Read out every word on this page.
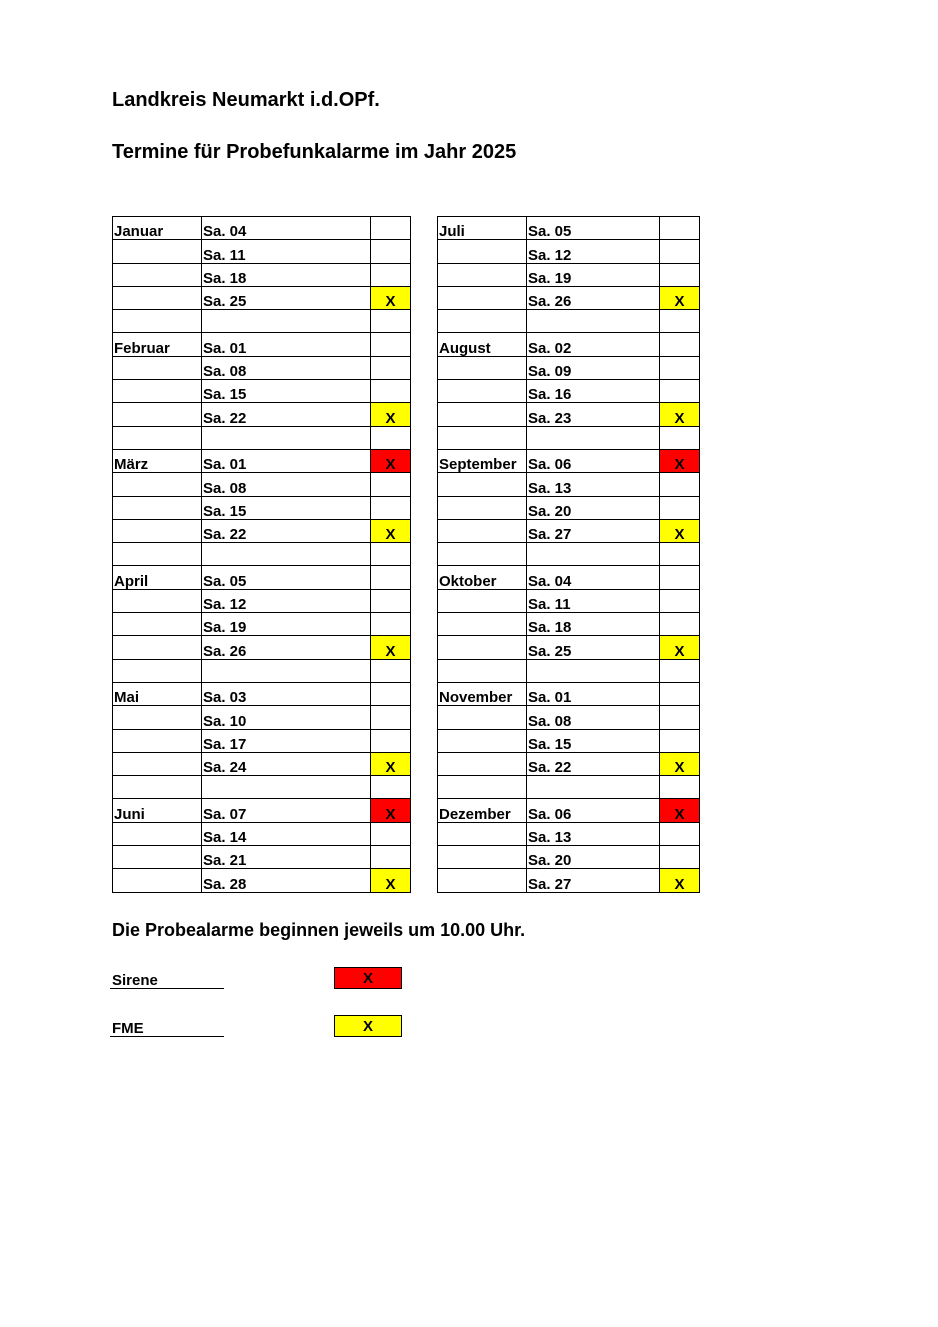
Landkreis Neumarkt i.d.OPf.

Termine für Probefunkalarme im Jahr 2025

Januar	Sa. 04	
	Sa. 11	
	Sa. 18	
	Sa. 25	X

Februar	Sa. 01	
	Sa. 08	
	Sa. 15	
	Sa. 22	X

März	Sa. 01	X
	Sa. 08	
	Sa. 15	
	Sa. 22	X

April	Sa. 05	
	Sa. 12	
	Sa. 19	
	Sa. 26	X

Mai	Sa. 03	
	Sa. 10	
	Sa. 17	
	Sa. 24	X

Juni	Sa. 07	X
	Sa. 14	
	Sa. 21	
	Sa. 28	X
Juli	Sa. 05	
	Sa. 12	
	Sa. 19	
	Sa. 26	X

August	Sa. 02	
	Sa. 09	
	Sa. 16	
	Sa. 23	X

September	Sa. 06	X
	Sa. 13	
	Sa. 20	
	Sa. 27	X

Oktober	Sa. 04	
	Sa. 11	
	Sa. 18	
	Sa. 25	X

November	Sa. 01	
	Sa. 08	
	Sa. 15	
	Sa. 22	X

Dezember	Sa. 06	X
	Sa. 13	
	Sa. 20	
	Sa. 27	X

Die Probealarme beginnen jeweils um 10.00 Uhr.

Sirene	X
FME	X
